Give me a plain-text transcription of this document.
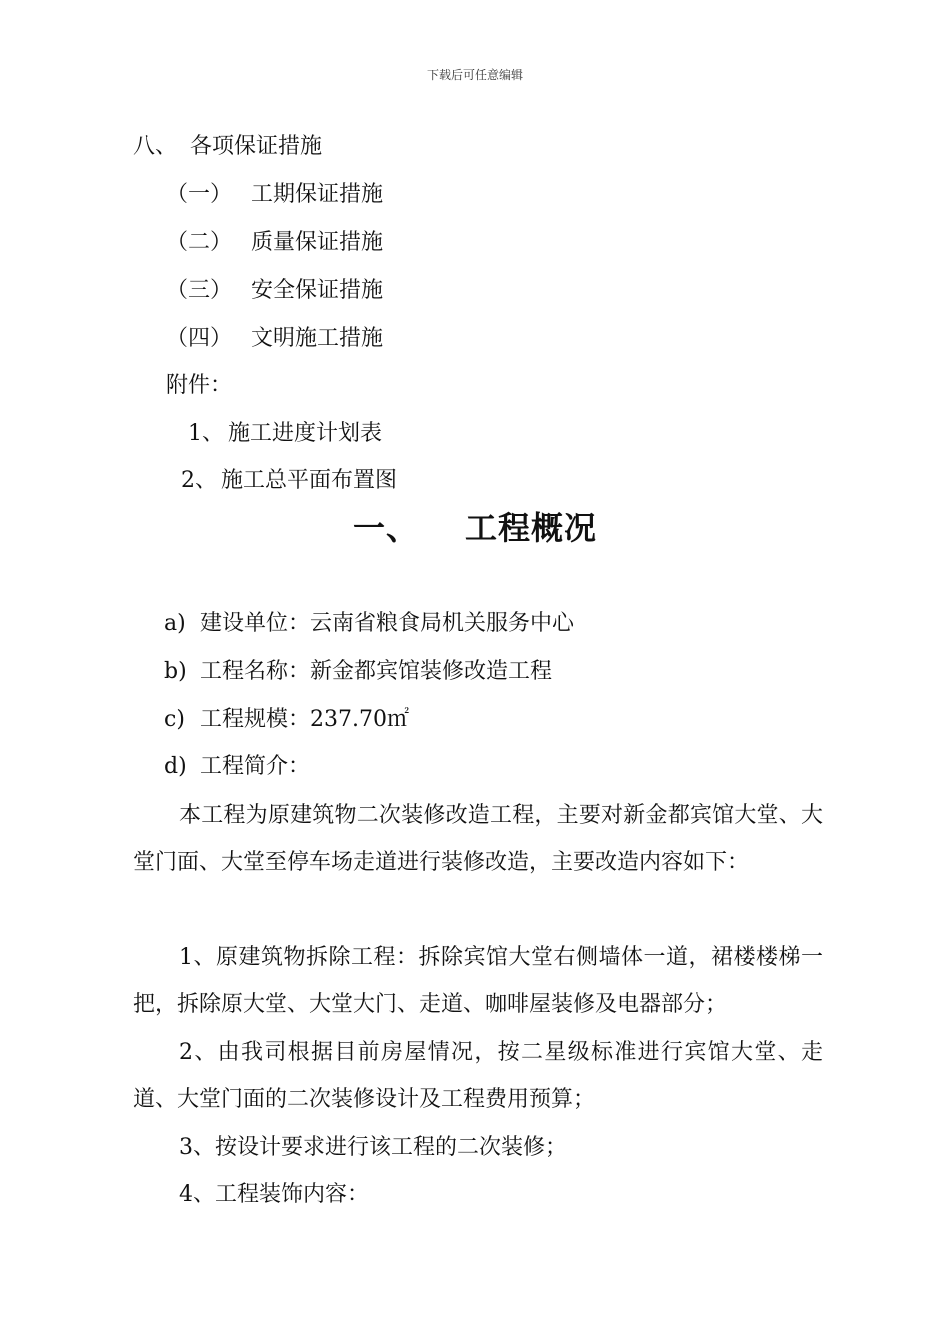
下载后可任意编辑
八、 各项保证措施
（一） 工期保证措施
（二） 质量保证措施
（三） 安全保证措施
（四） 文明施工措施
附件：
1、 施工进度计划表
2、 施工总平面布置图
一、 工程概况
a) 建设单位：云南省粮食局机关服务中心
b) 工程名称：新金都宾馆装修改造工程
c) 工程规模：237.70㎡
d) 工程简介：
本工程为原建筑物二次装修改造工程，主要对新金都宾馆大堂、大堂门面、大堂至停车场走道进行装修改造，主要改造内容如下：
1、原建筑物拆除工程：拆除宾馆大堂右侧墙体一道，裙楼楼梯一把，拆除原大堂、大堂大门、走道、咖啡屋装修及电器部分；
2、由我司根据目前房屋情况，按二星级标准进行宾馆大堂、走道、大堂门面的二次装修设计及工程费用预算；
3、按设计要求进行该工程的二次装修；
4、工程装饰内容：
